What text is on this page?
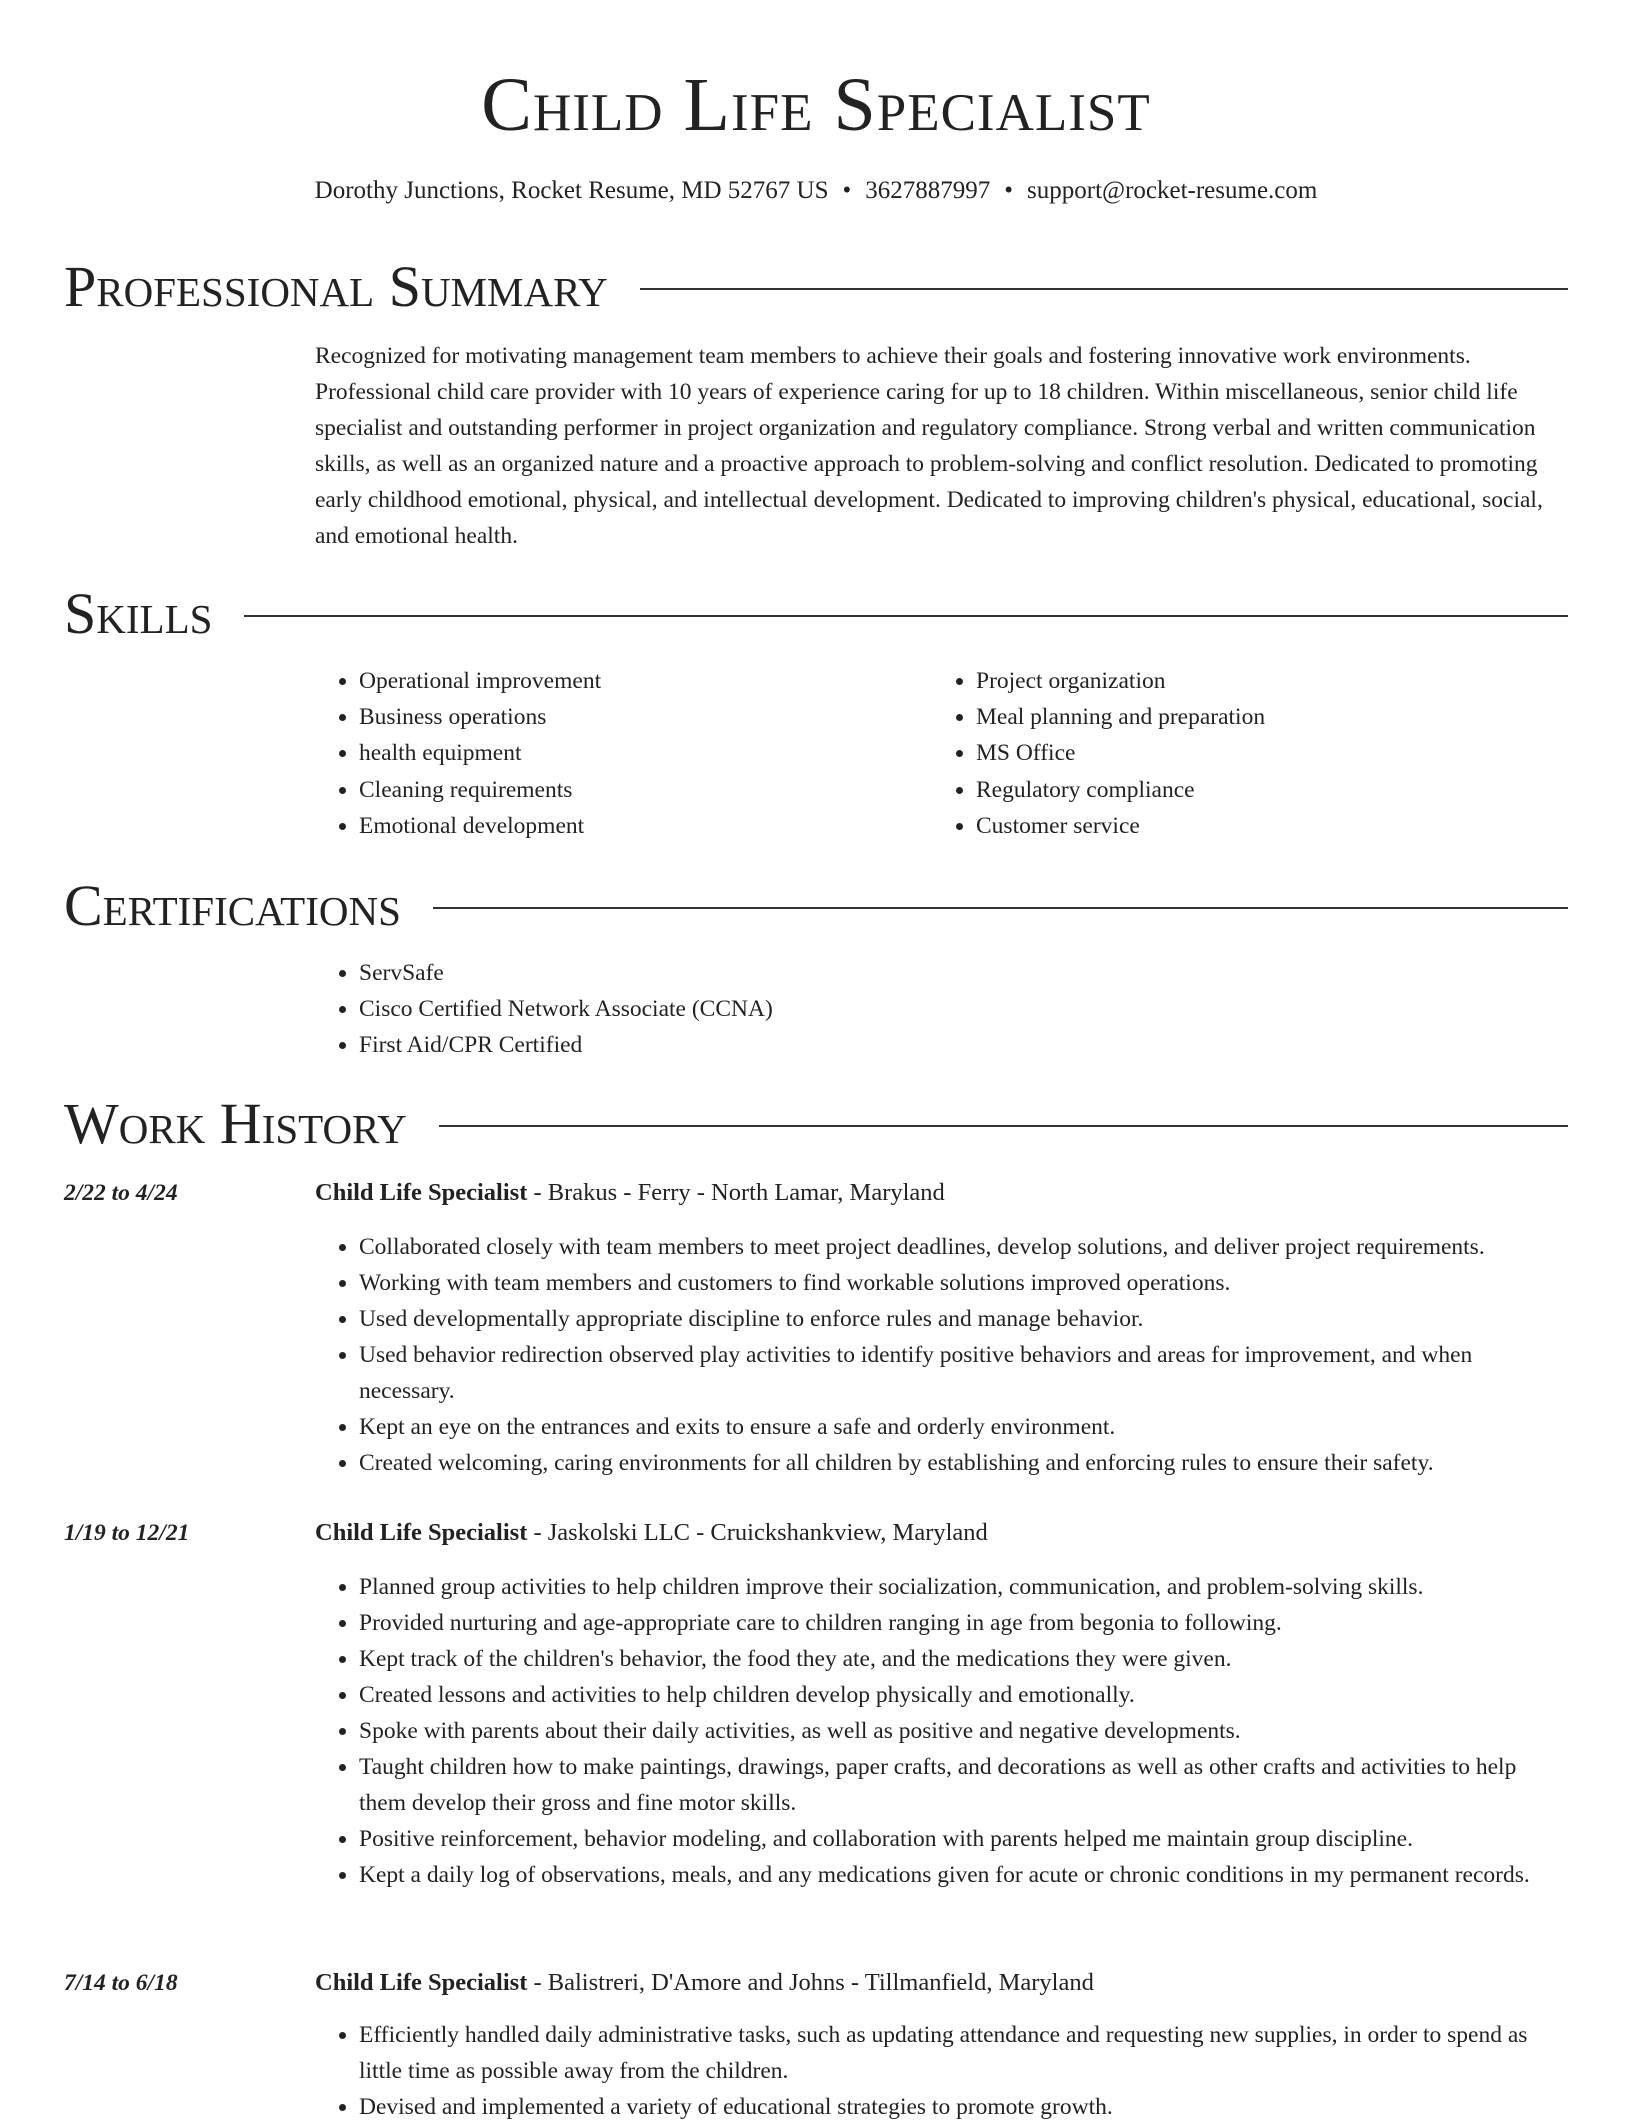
Child Life Specialist
Dorothy Junctions, Rocket Resume, MD 52767 US • 3627887997 • support@rocket-resume.com
Professional Summary

Recognized for motivating management team members to achieve their goals and fostering innovative work environments. Professional child care provider with 10 years of experience caring for up to 18 children. Within miscellaneous, senior child life specialist and outstanding performer in project organization and regulatory compliance. Strong verbal and written communication skills, as well as an organized nature and a proactive approach to problem-solving and conflict resolution. Dedicated to promoting early childhood emotional, physical, and intellectual development. Dedicated to improving children's physical, educational, social, and emotional health.

Skills
• Operational improvement
• Business operations
• health equipment
• Cleaning requirements
• Emotional development
• Project organization
• Meal planning and preparation
• MS Office
• Regulatory compliance
• Customer service
Certifications
• ServSafe
• Cisco Certified Network Associate (CCNA)
• First Aid/CPR Certified
Work History
2/22 to 4/24	Child Life Specialist - Brakus - Ferry - North Lamar, Maryland
• Collaborated closely with team members to meet project deadlines, develop solutions, and deliver project requirements.
• Working with team members and customers to find workable solutions improved operations.
• Used developmentally appropriate discipline to enforce rules and manage behavior.
• Used behavior redirection observed play activities to identify positive behaviors and areas for improvement, and when necessary.
• Kept an eye on the entrances and exits to ensure a safe and orderly environment.
• Created welcoming, caring environments for all children by establishing and enforcing rules to ensure their safety.
1/19 to 12/21	Child Life Specialist - Jaskolski LLC - Cruickshankview, Maryland
• Planned group activities to help children improve their socialization, communication, and problem-solving skills.
• Provided nurturing and age-appropriate care to children ranging in age from begonia to following.
• Kept track of the children's behavior, the food they ate, and the medications they were given.
• Created lessons and activities to help children develop physically and emotionally.
• Spoke with parents about their daily activities, as well as positive and negative developments.
• Taught children how to make paintings, drawings, paper crafts, and decorations as well as other crafts and activities to help them develop their gross and fine motor skills.
• Positive reinforcement, behavior modeling, and collaboration with parents helped me maintain group discipline.
• Kept a daily log of observations, meals, and any medications given for acute or chronic conditions in my permanent records.
7/14 to 6/18	Child Life Specialist - Balistreri, D'Amore and Johns - Tillmanfield, Maryland
• Efficiently handled daily administrative tasks, such as updating attendance and requesting new supplies, in order to spend as little time as possible away from the children.
• Devised and implemented a variety of educational strategies to promote growth.
